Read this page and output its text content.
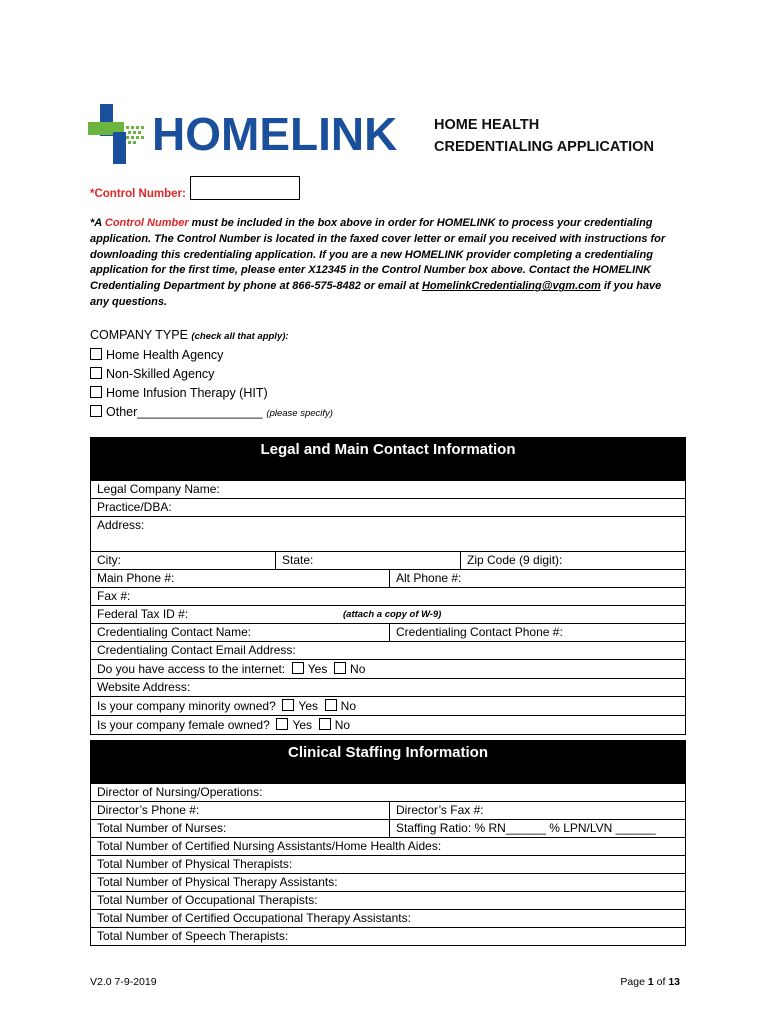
HOMELINK	HOME HEALTH
CREDENTIALING APPLICATION
*Control Number:
*A Control Number must be included in the box above in order for HOMELINK to process your credentialing application. The Control Number is located in the faxed cover letter or email you received with instructions for downloading this credentialing application. If you are a new HOMELINK provider completing a credentialing application for the first time, please enter X12345 in the Control Number box above. Contact the HOMELINK Credentialing Department by phone at 866-575-8482 or email at HomelinkCredentialing@vgm.com if you have any questions.
COMPANY TYPE (check all that apply):
Home Health Agency
Non-Skilled Agency
Home Infusion Therapy (HIT)
Other__________________ (please specify)
Legal and Main Contact Information
Legal Company Name:
Practice/DBA:
Address:
City:	State:	Zip Code (9 digit):
Main Phone #:	Alt Phone #:
Fax #:
Federal Tax ID #:	(attach a copy of W-9)
Credentialing Contact Name:	Credentialing Contact Phone #:
Credentialing Contact Email Address:
Do you have access to the internet: Yes No
Website Address:
Is your company minority owned? Yes No
Is your company female owned? Yes No
Clinical Staffing Information
Director of Nursing/Operations:
Director’s Phone #:	Director’s Fax #:
Total Number of Nurses:	Staffing Ratio: % RN______ % LPN/LVN ______
Total Number of Certified Nursing Assistants/Home Health Aides:
Total Number of Physical Therapists:
Total Number of Physical Therapy Assistants:
Total Number of Occupational Therapists:
Total Number of Certified Occupational Therapy Assistants:
Total Number of Speech Therapists:
V2.0 7-9-2019	Page 1 of 13
